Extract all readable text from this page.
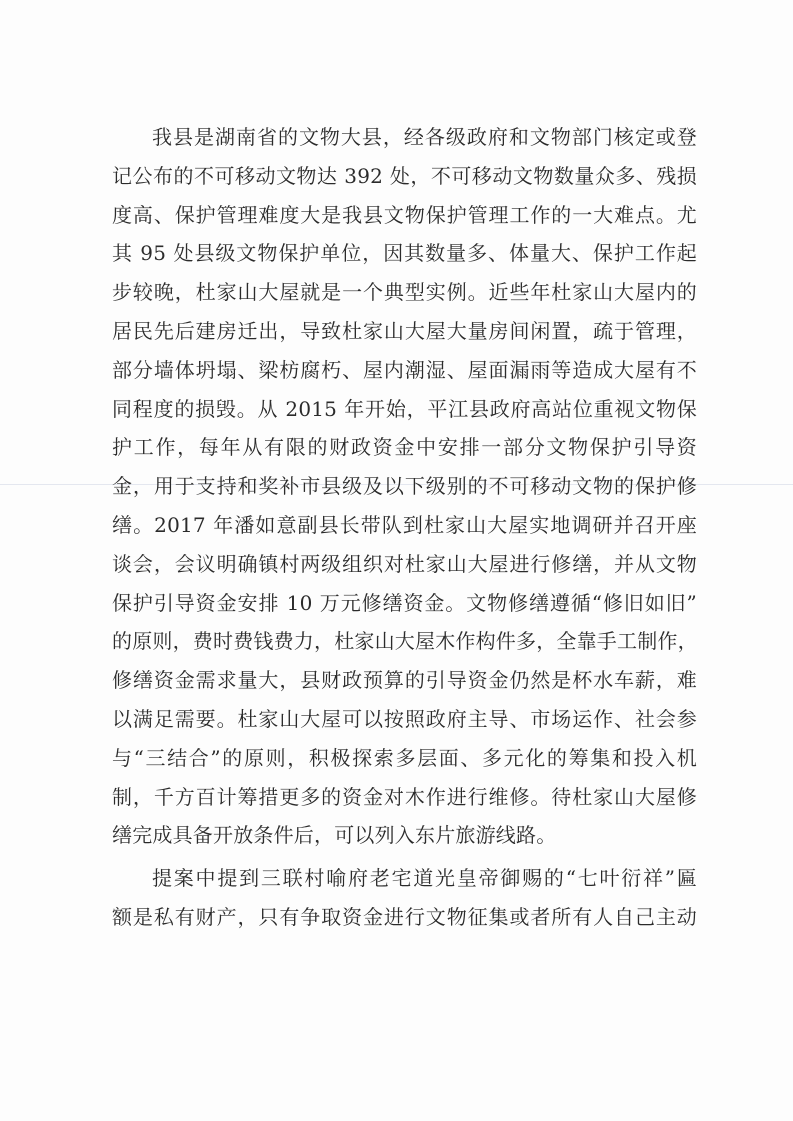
我县是湖南省的文物大县，经各级政府和文物部门核定或登
记公布的不可移动文物达 392 处，不可移动文物数量众多、残损
度高、保护管理难度大是我县文物保护管理工作的一大难点。尤
其 95 处县级文物保护单位，因其数量多、体量大、保护工作起
步较晚，杜家山大屋就是一个典型实例。近些年杜家山大屋内的
居民先后建房迁出，导致杜家山大屋大量房间闲置，疏于管理，
部分墙体坍塌、梁枋腐朽、屋内潮湿、屋面漏雨等造成大屋有不
同程度的损毁。从 2015 年开始，平江县政府高站位重视文物保
护工作，每年从有限的财政资金中安排一部分文物保护引导资
金，用于支持和奖补市县级及以下级别的不可移动文物的保护修
缮。2017 年潘如意副县长带队到杜家山大屋实地调研并召开座
谈会，会议明确镇村两级组织对杜家山大屋进行修缮，并从文物
保护引导资金安排 10 万元修缮资金。文物修缮遵循“修旧如旧”
的原则，费时费钱费力，杜家山大屋木作构件多，全靠手工制作，
修缮资金需求量大，县财政预算的引导资金仍然是杯水车薪，难
以满足需要。杜家山大屋可以按照政府主导、市场运作、社会参
与“三结合”的原则，积极探索多层面、多元化的筹集和投入机
制，千方百计筹措更多的资金对木作进行维修。待杜家山大屋修
缮完成具备开放条件后，可以列入东片旅游线路。
提案中提到三联村喻府老宅道光皇帝御赐的“七叶衍祥”匾
额是私有财产，只有争取资金进行文物征集或者所有人自己主动
